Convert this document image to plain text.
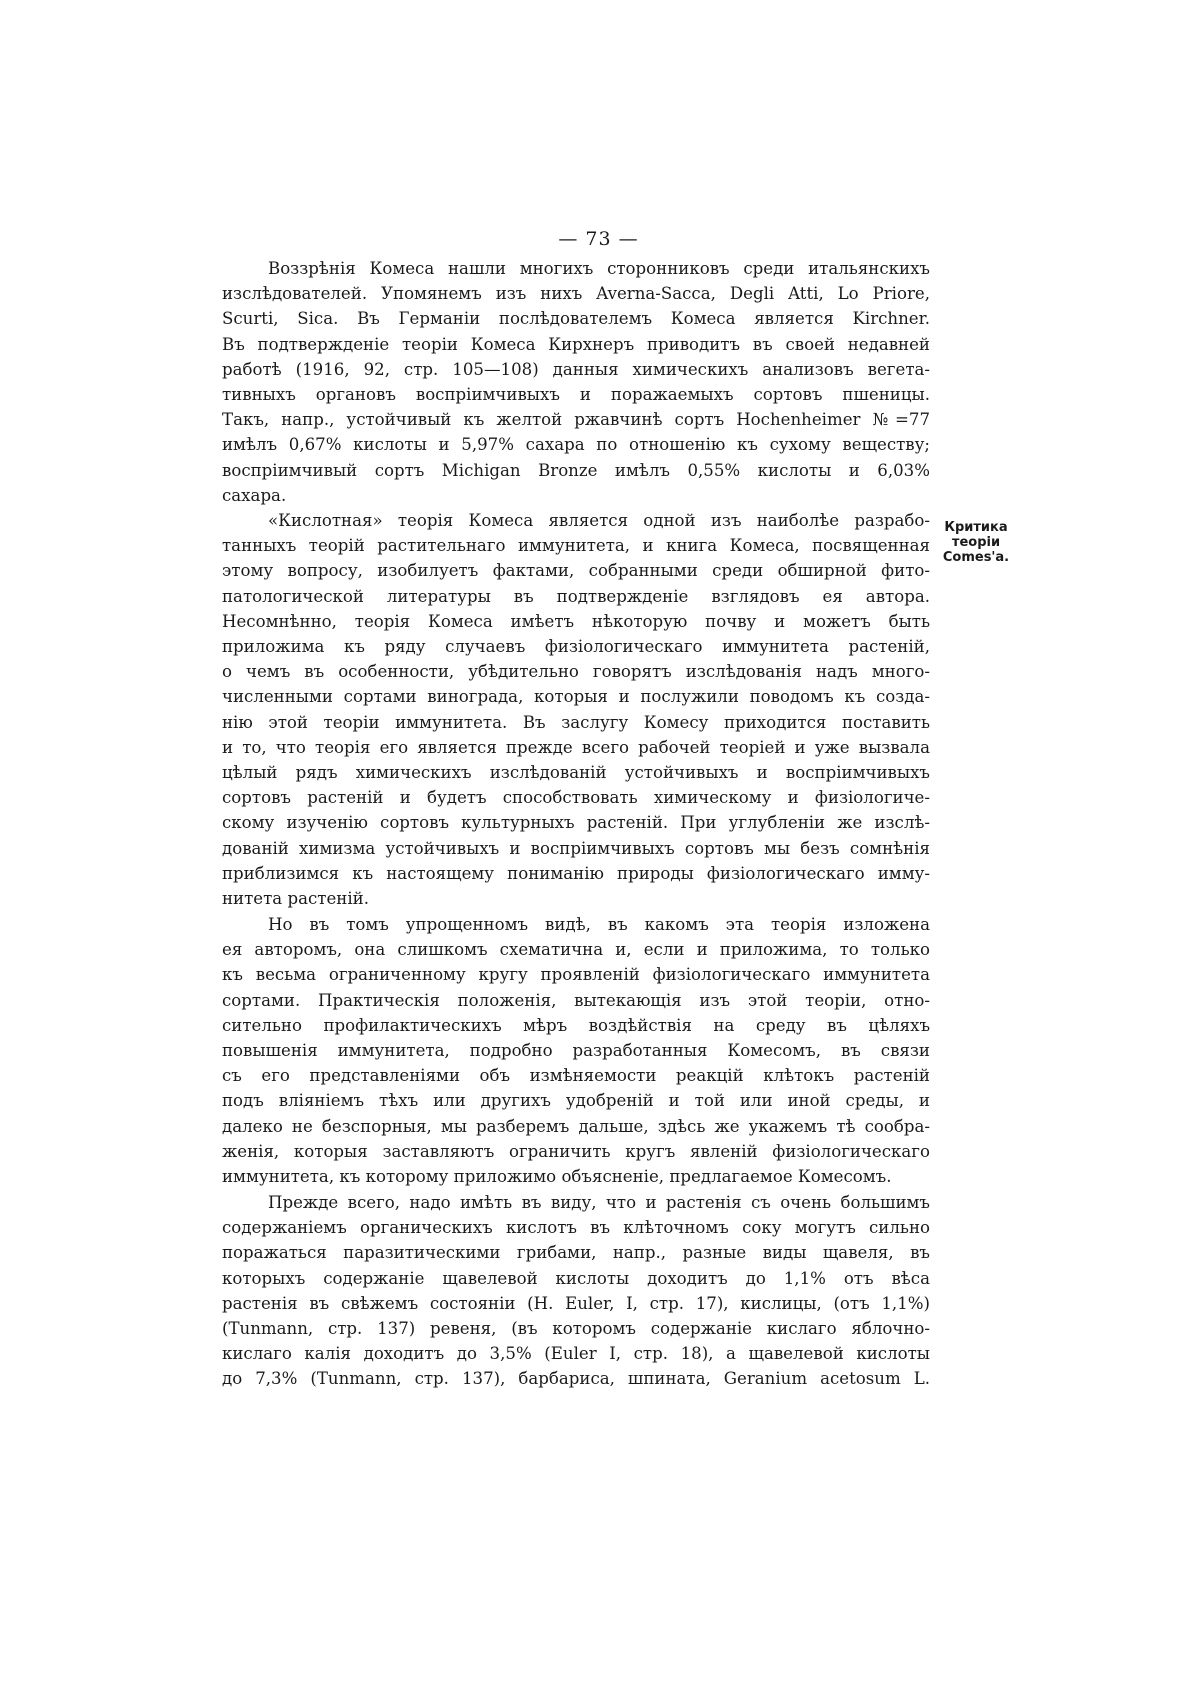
— 73 —
Воззрѣнія Комеса нашли многихъ сторонниковъ среди итальянскихъ
изслѣдователей. Упомянемъ изъ нихъ Averna-Sacca, Degli Atti, Lo Priore,
Scurti, Sica. Въ Германіи послѣдователемъ Комеса является Kirchner.
Въ подтвержденіе теоріи Комеса Кирхнеръ приводитъ въ своей недавней
работѣ (1916, 92, стр. 105—108) данныя химическихъ анализовъ вегета-
тивныхъ органовъ воспріимчивыхъ и поражаемыхъ сортовъ пшеницы.
Такъ, напр., устойчивый къ желтой ржавчинѣ сортъ Hochenheimer №=77
имѣлъ 0,67% кислоты и 5,97% сахара по отношенію къ сухому веществу;
воспріимчивый сортъ Michigan Bronze имѣлъ 0,55% кислоты и 6,03%
сахара.
Критика
теоріи
Comes'а.
«Кислотная» теорія Комеса является одной изъ наиболѣе разрабо-
танныхъ теорій растительнаго иммунитета, и книга Комеса, посвященная
этому вопросу, изобилуетъ фактами, собранными среди обширной фито-
патологической литературы въ подтвержденіе взглядовъ ея автора.
Несомнѣнно, теорія Комеса имѣетъ нѣкоторую почву и можетъ быть
приложима къ ряду случаевъ физіологическаго иммунитета растеній,
о чемъ въ особенности, убѣдительно говорятъ изслѣдованія надъ много-
численными сортами винограда, которыя и послужили поводомъ къ созда-
нію этой теоріи иммунитета. Въ заслугу Комесу приходится поставить
и то, что теорія его является прежде всего рабочей теоріей и уже вызвала
цѣлый рядъ химическихъ изслѣдованій устойчивыхъ и воспріимчивыхъ
сортовъ растеній и будетъ способствовать химическому и физіологиче-
скому изученію сортовъ культурныхъ растеній. При углубленіи же изслѣ-
дованій химизма устойчивыхъ и воспріимчивыхъ сортовъ мы безъ сомнѣнія
приблизимся къ настоящему пониманію природы физіологическаго имму-
нитета растеній.
Но въ томъ упрощенномъ видѣ, въ какомъ эта теорія изложена
ея авторомъ, она слишкомъ схематична и, если и приложима, то только
къ весьма ограниченному кругу проявленій физіологическаго иммунитета
сортами. Практическія положенія, вытекающія изъ этой теоріи, отно-
сительно профилактическихъ мѣръ воздѣйствія на среду въ цѣляхъ
повышенія иммунитета, подробно разработанныя Комесомъ, въ связи
съ его представленіями объ измѣняемости реакцій клѣтокъ растеній
подъ вліяніемъ тѣхъ или другихъ удобреній и той или иной среды, и
далеко не безспорныя, мы разберемъ дальше, здѣсь же укажемъ тѣ сообра-
женія, которыя заставляютъ ограничить кругъ явленій физіологическаго
иммунитета, къ которому приложимо объясненіе, предлагаемое Комесомъ.
Прежде всего, надо имѣть въ виду, что и растенія съ очень большимъ
содержаніемъ органическихъ кислотъ въ клѣточномъ соку могутъ сильно
поражаться паразитическими грибами, напр., разные виды щавеля, въ
которыхъ содержаніе щавелевой кислоты доходитъ до 1,1% отъ вѣса
растенія въ свѣжемъ состояніи (H. Euler, I, стр. 17), кислицы, (отъ 1,1%)
(Tunmann, стр. 137) ревеня, (въ которомъ содержаніе кислаго яблочно-
кислаго калія доходитъ до 3,5% (Euler I, стр. 18), а щавелевой кислоты
до 7,3% (Tunmann, стр. 137), барбариса, шпината, Geranium acetosum L.
